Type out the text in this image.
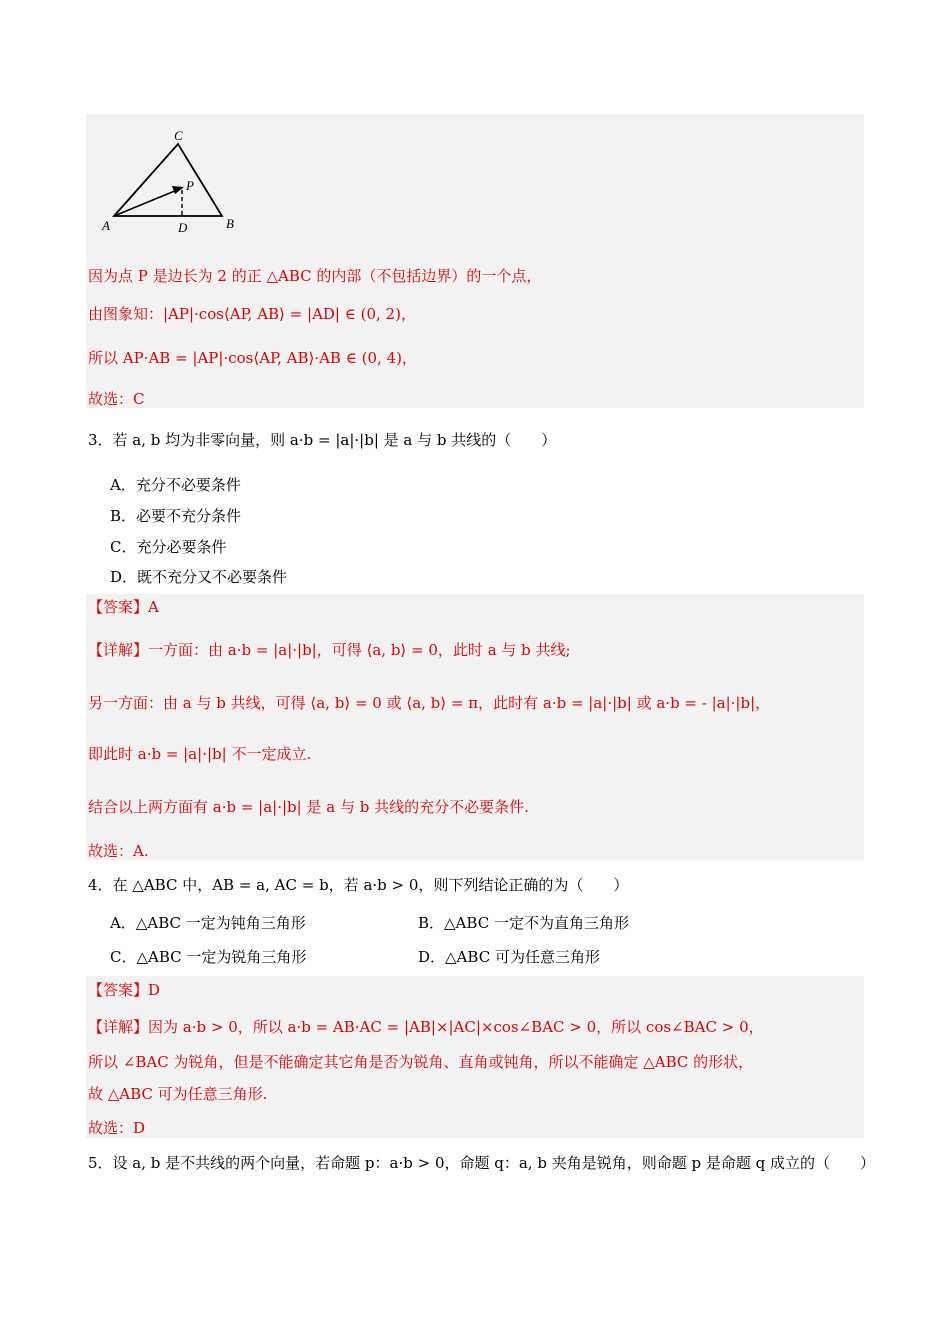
C
P
A	D	B
因为点 P 是边长为 2 的正 △ABC 的内部（不包括边界）的一个点，
由图象知：|AP|·cos⟨AP, AB⟩ = |AD| ∈ (0, 2)，
所以 AP·AB = |AP|·cos⟨AP, AB⟩·AB ∈ (0, 4)，
故选：C
3．若 a, b 均为非零向量，则 a·b = |a|·|b| 是 a 与 b 共线的（　　）
A．充分不必要条件
B．必要不充分条件
C．充分必要条件
D．既不充分又不必要条件
【答案】A
【详解】一方面：由 a·b = |a|·|b|，可得 ⟨a, b⟩ = 0，此时 a 与 b 共线;
另一方面：由 a 与 b 共线，可得 ⟨a, b⟩ = 0 或 ⟨a, b⟩ = π，此时有 a·b = |a|·|b| 或 a·b = - |a|·|b|，
即此时 a·b = |a|·|b| 不一定成立.
结合以上两方面有 a·b = |a|·|b| 是 a 与 b 共线的充分不必要条件.
故选：A.
4．在 △ABC 中，AB = a, AC = b，若 a·b > 0，则下列结论正确的为（　　）
A．△ABC 一定为钝角三角形	B．△ABC 一定不为直角三角形
C．△ABC 一定为锐角三角形	D．△ABC 可为任意三角形
【答案】D
【详解】因为 a·b > 0，所以 a·b = AB·AC = |AB|×|AC|×cos∠BAC > 0，所以 cos∠BAC > 0，
所以 ∠BAC 为锐角，但是不能确定其它角是否为锐角、直角或钝角，所以不能确定 △ABC 的形状，
故 △ABC 可为任意三角形.
故选：D
5．设 a, b 是不共线的两个向量，若命题 p：a·b > 0，命题 q：a, b 夹角是锐角，则命题 p 是命题 q 成立的（　　）
